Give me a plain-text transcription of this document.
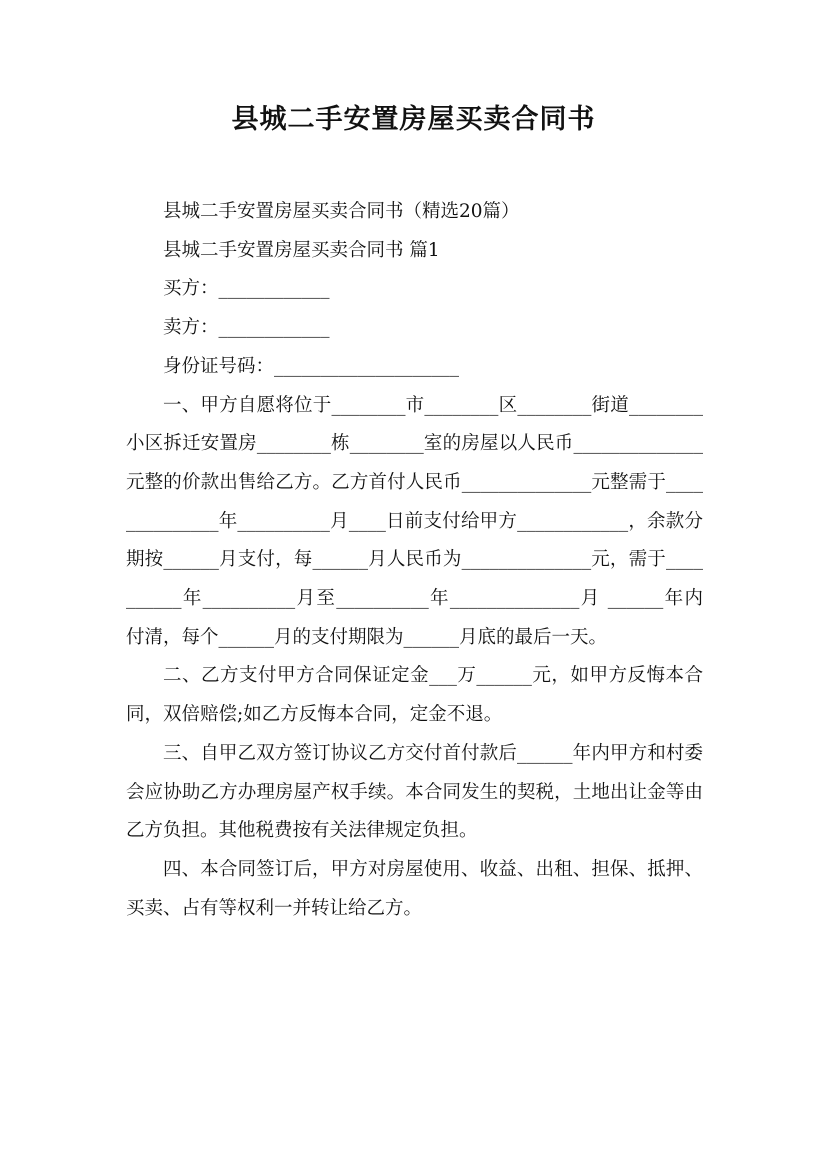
县城二手安置房屋买卖合同书
县城二手安置房屋买卖合同书（精选20篇）
县城二手安置房屋买卖合同书 篇1
买方：____________
卖方：____________
身份证号码：____________________

一、甲方自愿将位于________市________区________街道________小区拆迁安置房________栋________室的房屋以人民币______________元整的价款出售给乙方。乙方首付人民币______________元整需于______________年__________月____日前支付给甲方____________，余款分期按______月支付，每______月人民币为______________元，需于__________年__________月至__________年______________月 ______年内付清，每个______月的支付期限为______月底的最后一天。

二、乙方支付甲方合同保证定金___万______元，如甲方反悔本合同，双倍赔偿;如乙方反悔本合同，定金不退。

三、自甲乙双方签订协议乙方交付首付款后______年内甲方和村委会应协助乙方办理房屋产权手续。本合同发生的契税，土地出让金等由乙方负担。其他税费按有关法律规定负担。

四、本合同签订后，甲方对房屋使用、收益、出租、担保、抵押、买卖、占有等权利一并转让给乙方。
